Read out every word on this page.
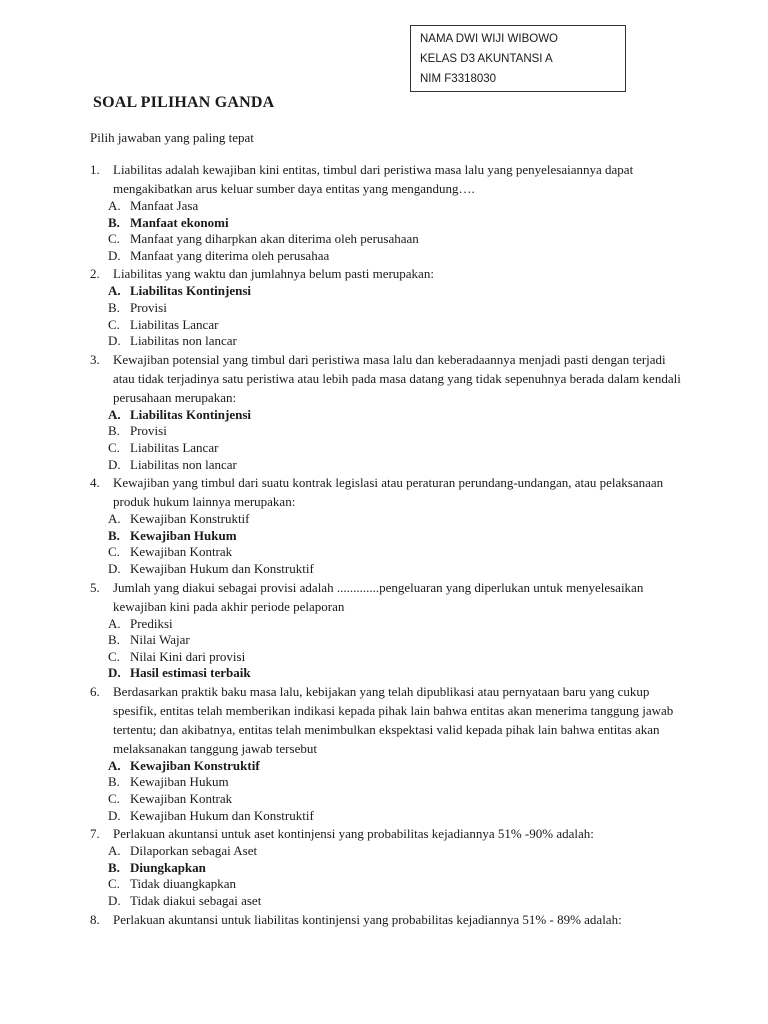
NAMA DWI WIJI WIBOWO
KELAS D3 AKUNTANSI A
NIM F3318030
SOAL PILIHAN GANDA

Pilih jawaban yang paling tepat

1. Liabilitas adalah kewajiban kini entitas, timbul dari peristiwa masa lalu yang penyelesaiannya dapat mengakibatkan arus keluar sumber daya entitas yang mengandung….
A. Manfaat Jasa
B. Manfaat ekonomi
C. Manfaat yang diharpkan akan diterima oleh perusahaan
D. Manfaat yang diterima oleh perusahaa
2. Liabilitas yang waktu dan jumlahnya belum pasti merupakan:
A. Liabilitas Kontinjensi
B. Provisi
C. Liabilitas Lancar
D. Liabilitas non lancar
3. Kewajiban potensial yang timbul dari peristiwa masa lalu dan keberadaannya menjadi pasti dengan terjadi atau tidak terjadinya satu peristiwa atau lebih pada masa datang yang tidak sepenuhnya berada dalam kendali perusahaan merupakan:
A. Liabilitas Kontinjensi
B. Provisi
C. Liabilitas Lancar
D. Liabilitas non lancar
4. Kewajiban yang timbul dari suatu kontrak legislasi atau peraturan perundang-undangan, atau pelaksanaan produk hukum lainnya merupakan:
A. Kewajiban Konstruktif
B. Kewajiban Hukum
C. Kewajiban Kontrak
D. Kewajiban Hukum dan Konstruktif
5. Jumlah yang diakui sebagai provisi adalah .............pengeluaran yang diperlukan untuk menyelesaikan kewajiban kini pada akhir periode pelaporan
A. Prediksi
B. Nilai Wajar
C. Nilai Kini dari provisi
D. Hasil estimasi terbaik
6. Berdasarkan praktik baku masa lalu, kebijakan yang telah dipublikasi atau pernyataan baru yang cukup spesifik, entitas telah memberikan indikasi kepada pihak lain bahwa entitas akan menerima tanggung jawab tertentu; dan akibatnya, entitas telah menimbulkan ekspektasi valid kepada pihak lain bahwa entitas akan melaksanakan tanggung jawab tersebut
A. Kewajiban Konstruktif
B. Kewajiban Hukum
C. Kewajiban Kontrak
D. Kewajiban Hukum dan Konstruktif
7. Perlakuan akuntansi untuk aset kontinjensi yang probabilitas kejadiannya 51% -90% adalah:
A. Dilaporkan sebagai Aset
B. Diungkapkan
C. Tidak diuangkapkan
D. Tidak diakui sebagai aset
8. Perlakuan akuntansi untuk liabilitas kontinjensi yang probabilitas kejadiannya 51% - 89% adalah:
